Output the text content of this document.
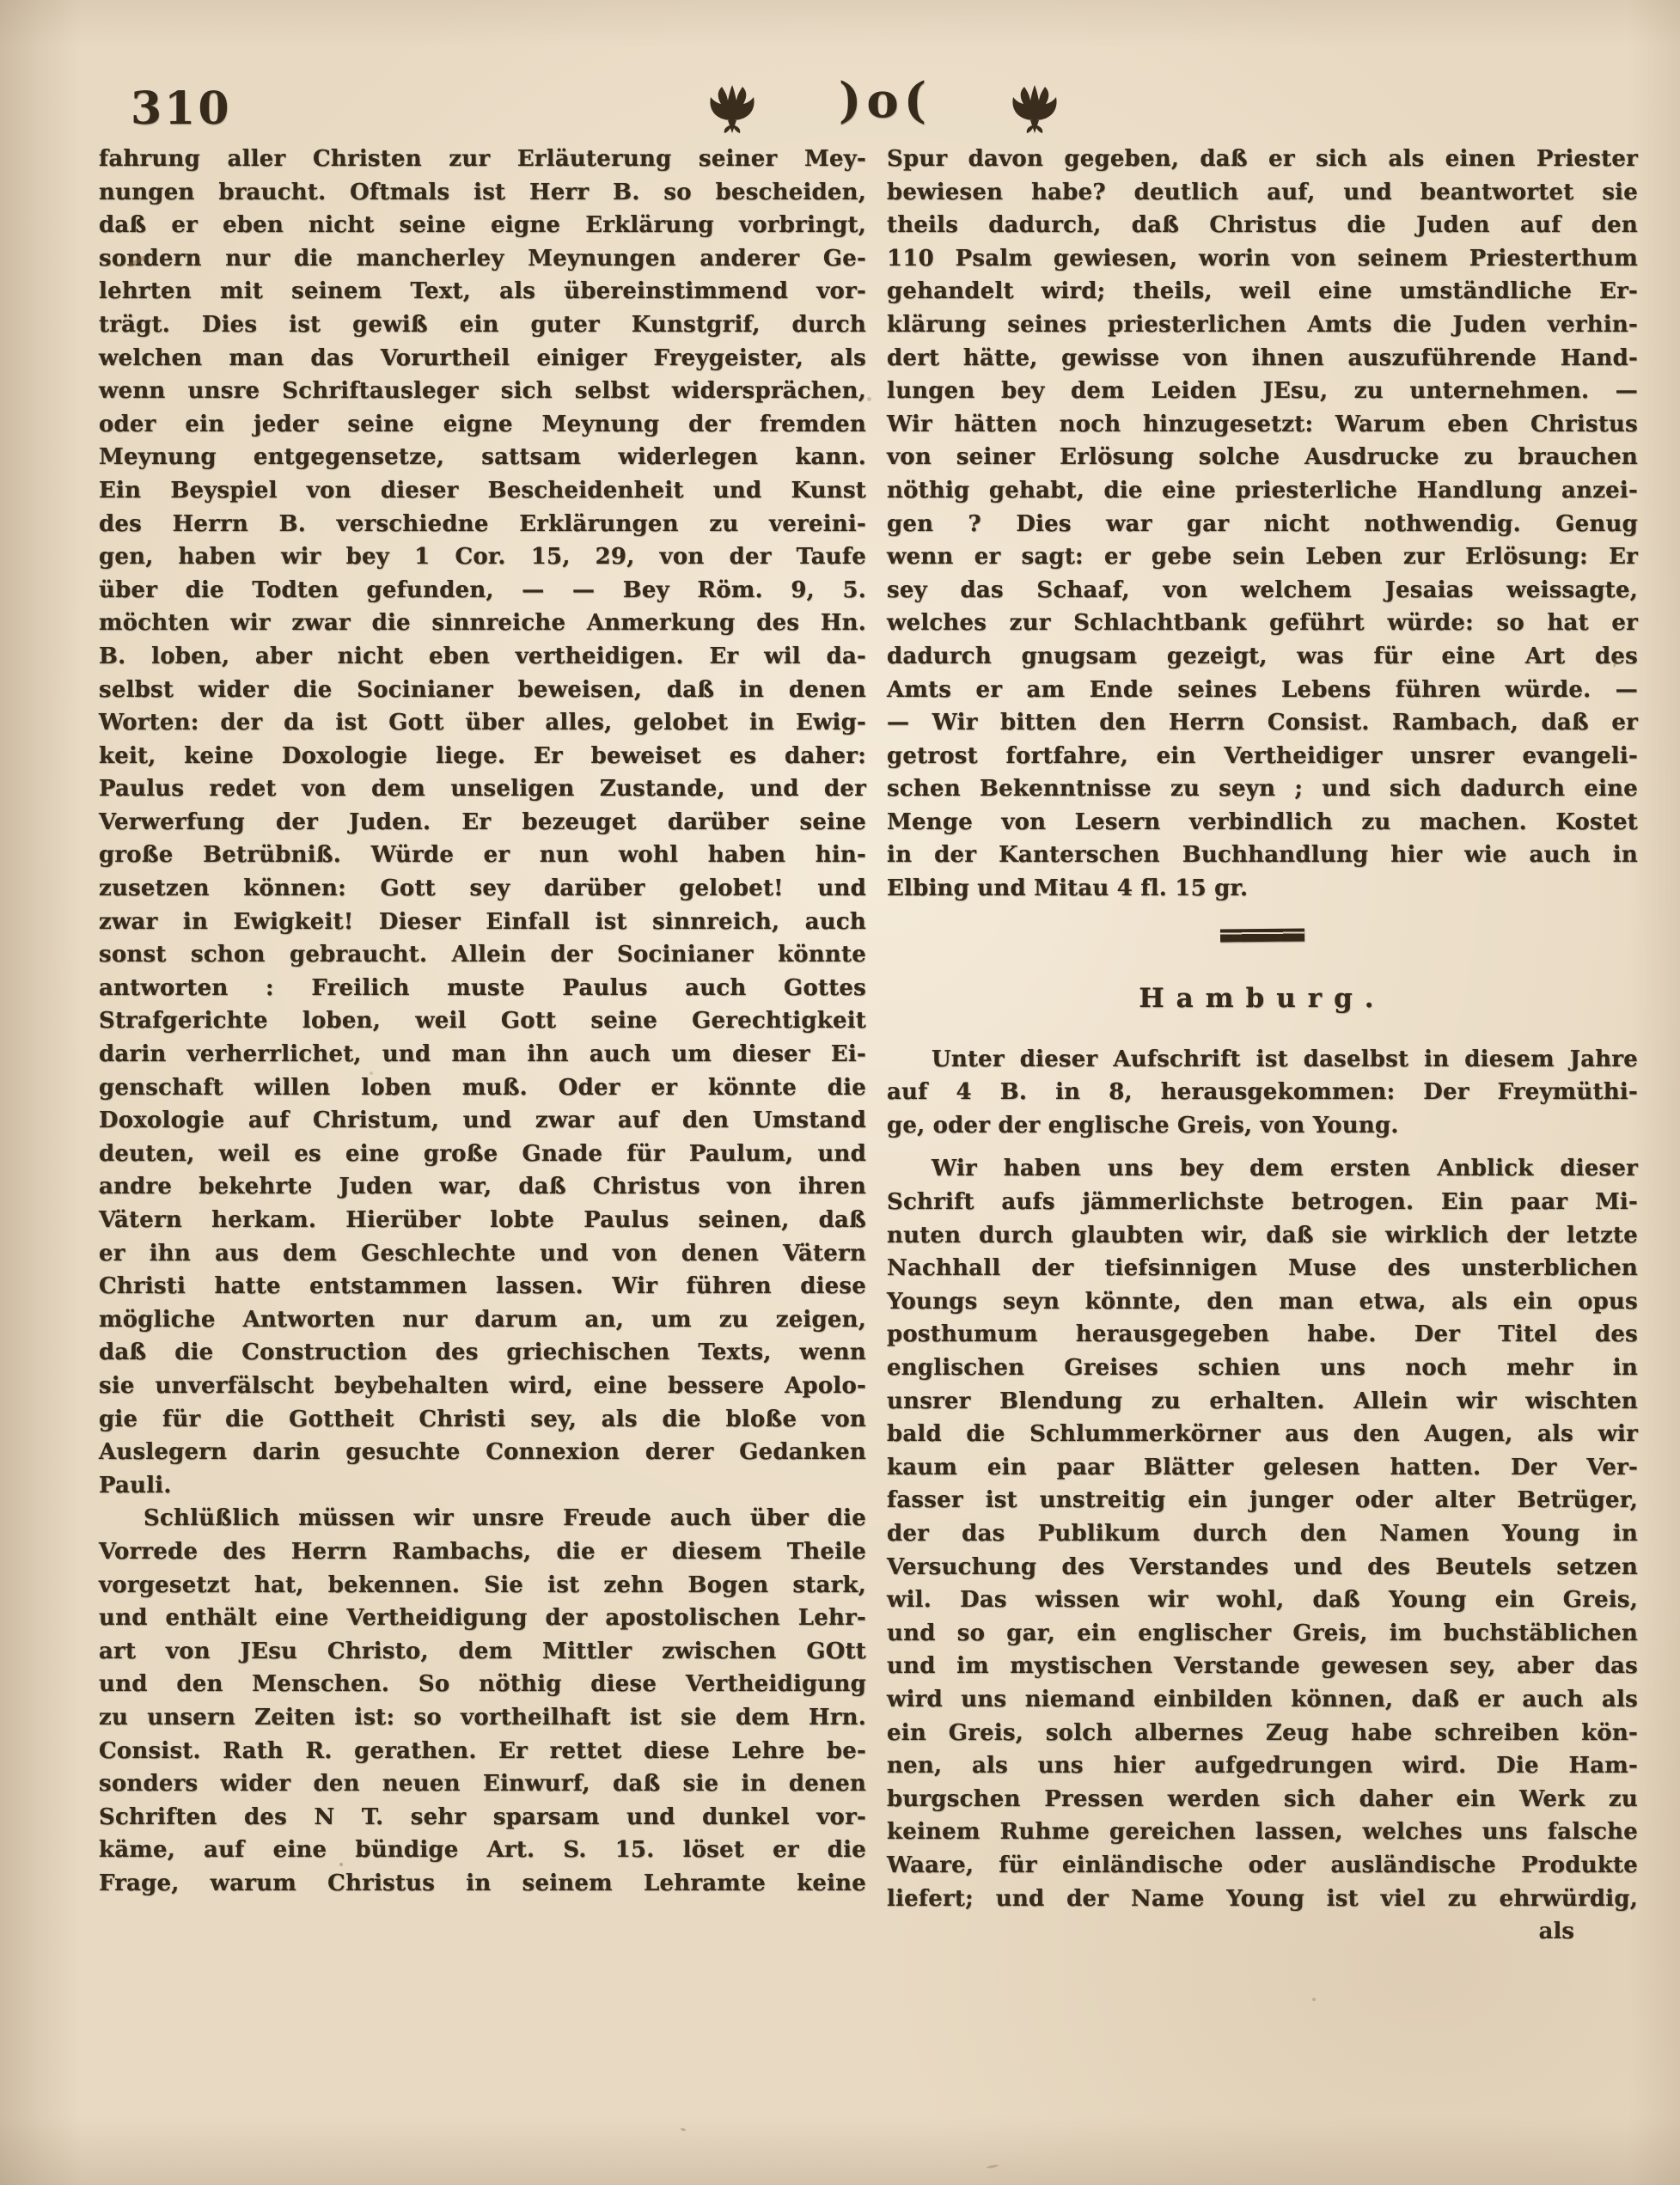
310	)o(
fahrung aller Christen zur Erläuterung seiner Mey-
nungen braucht. Oftmals ist Herr B. so bescheiden,
daß er eben nicht seine eigne Erklärung vorbringt,
sondern nur die mancherley Meynungen anderer Ge-
lehrten mit seinem Text, als übereinstimmend vor-
trägt. Dies ist gewiß ein guter Kunstgrif, durch
welchen man das Vorurtheil einiger Freygeister, als
wenn unsre Schriftausleger sich selbst widersprächen,
oder ein jeder seine eigne Meynung der fremden
Meynung entgegensetze, sattsam widerlegen kann.
Ein Beyspiel von dieser Bescheidenheit und Kunst
des Herrn B. verschiedne Erklärungen zu vereini-
gen, haben wir bey 1 Cor. 15, 29, von der Taufe
über die Todten gefunden, — — Bey Röm. 9, 5.
möchten wir zwar die sinnreiche Anmerkung des Hn.
B. loben, aber nicht eben vertheidigen. Er wil da-
selbst wider die Socinianer beweisen, daß in denen
Worten: der da ist Gott über alles, gelobet in Ewig-
keit, keine Doxologie liege. Er beweiset es daher:
Paulus redet von dem unseligen Zustande, und der
Verwerfung der Juden. Er bezeuget darüber seine
große Betrübniß. Würde er nun wohl haben hin-
zusetzen können: Gott sey darüber gelobet! und
zwar in Ewigkeit! Dieser Einfall ist sinnreich, auch
sonst schon gebraucht. Allein der Socinianer könnte
antworten : Freilich muste Paulus auch Gottes
Strafgerichte loben, weil Gott seine Gerechtigkeit
darin verherrlichet, und man ihn auch um dieser Ei-
genschaft willen loben muß. Oder er könnte die
Doxologie auf Christum, und zwar auf den Umstand
deuten, weil es eine große Gnade für Paulum, und
andre bekehrte Juden war, daß Christus von ihren
Vätern herkam. Hierüber lobte Paulus seinen, daß
er ihn aus dem Geschlechte und von denen Vätern
Christi hatte entstammen lassen. Wir führen diese
mögliche Antworten nur darum an, um zu zeigen,
daß die Construction des griechischen Texts, wenn
sie unverfälscht beybehalten wird, eine bessere Apolo-
gie für die Gottheit Christi sey, als die bloße von
Auslegern darin gesuchte Connexion derer Gedanken
Pauli.
Schlüßlich müssen wir unsre Freude auch über die
Vorrede des Herrn Rambachs, die er diesem Theile
vorgesetzt hat, bekennen. Sie ist zehn Bogen stark,
und enthält eine Vertheidigung der apostolischen Lehr-
art von JEsu Christo, dem Mittler zwischen GOtt
und den Menschen. So nöthig diese Vertheidigung
zu unsern Zeiten ist: so vortheilhaft ist sie dem Hrn.
Consist. Rath R. gerathen. Er rettet diese Lehre be-
sonders wider den neuen Einwurf, daß sie in denen
Schriften des N T. sehr sparsam und dunkel vor-
käme, auf eine bündige Art. S. 15. löset er die
Frage, warum Christus in seinem Lehramte keine
Spur davon gegeben, daß er sich als einen Priester
bewiesen habe? deutlich auf, und beantwortet sie
theils dadurch, daß Christus die Juden auf den
110 Psalm gewiesen, worin von seinem Priesterthum
gehandelt wird; theils, weil eine umständliche Er-
klärung seines priesterlichen Amts die Juden verhin-
dert hätte, gewisse von ihnen auszuführende Hand-
lungen bey dem Leiden JEsu, zu unternehmen. —
Wir hätten noch hinzugesetzt: Warum eben Christus
von seiner Erlösung solche Ausdrucke zu brauchen
nöthig gehabt, die eine priesterliche Handlung anzei-
gen ? Dies war gar nicht nothwendig. Genug
wenn er sagt: er gebe sein Leben zur Erlösung: Er
sey das Schaaf, von welchem Jesaias weissagte,
welches zur Schlachtbank geführt würde: so hat er
dadurch gnugsam gezeigt, was für eine Art des
Amts er am Ende seines Lebens führen würde. —
— Wir bitten den Herrn Consist. Rambach, daß er
getrost fortfahre, ein Vertheidiger unsrer evangeli-
schen Bekenntnisse zu seyn ; und sich dadurch eine
Menge von Lesern verbindlich zu machen. Kostet
in der Kanterschen Buchhandlung hier wie auch in
Elbing und Mitau 4 fl. 15 gr.
Hamburg.
Unter dieser Aufschrift ist daselbst in diesem Jahre
auf 4 B. in 8, herausgekommen: Der Freymüthi-
ge, oder der englische Greis, von Young.
Wir haben uns bey dem ersten Anblick dieser
Schrift aufs jämmerlichste betrogen. Ein paar Mi-
nuten durch glaubten wir, daß sie wirklich der letzte
Nachhall der tiefsinnigen Muse des unsterblichen
Youngs seyn könnte, den man etwa, als ein opus
posthumum herausgegeben habe. Der Titel des
englischen Greises schien uns noch mehr in
unsrer Blendung zu erhalten. Allein wir wischten
bald die Schlummerkörner aus den Augen, als wir
kaum ein paar Blätter gelesen hatten. Der Ver-
fasser ist unstreitig ein junger oder alter Betrüger,
der das Publikum durch den Namen Young in
Versuchung des Verstandes und des Beutels setzen
wil. Das wissen wir wohl, daß Young ein Greis,
und so gar, ein englischer Greis, im buchstäblichen
und im mystischen Verstande gewesen sey, aber das
wird uns niemand einbilden können, daß er auch als
ein Greis, solch albernes Zeug habe schreiben kön-
nen, als uns hier aufgedrungen wird. Die Ham-
burgschen Pressen werden sich daher ein Werk zu
keinem Ruhme gereichen lassen, welches uns falsche
Waare, für einländische oder ausländische Produkte
liefert; und der Name Young ist viel zu ehrwürdig,
als
